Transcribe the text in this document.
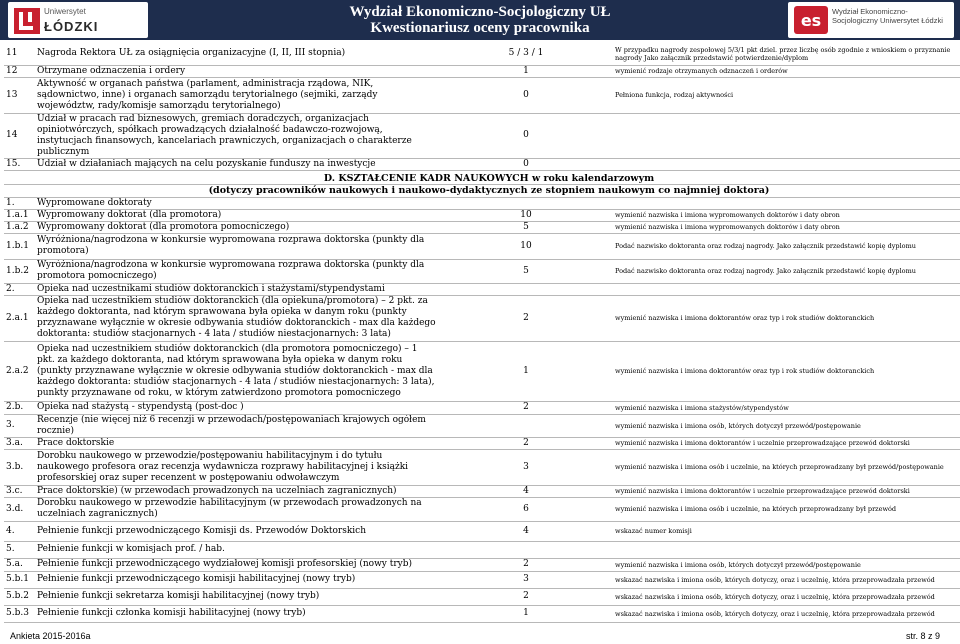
Uniwersytet
ŁÓDZKI
Wydział Ekonomiczno-Socjologiczny UŁ
Kwestionariusz oceny pracownika	es Wydział Ekonomiczno-Socjologiczny Uniwersytet Łódzki
11	Nagroda Rektora UŁ za osiągnięcia organizacyjne (I, II, III stopnia)	5 / 3 / 1	W przypadku nagrody zespołowej 5/3/1 pkt dziel. przez liczbę osób zgodnie z wnioskiem o przyznanie nagrody Jako załącznik przedstawić potwierdzenie/dyplom
12	Otrzymane odznaczenia i ordery	1	wymienić rodzaje otrzymanych odznaczeń i orderów
13	Aktywność w organach państwa (parlament, administracja rządowa, NIK, sądownictwo, inne) i organach samorządu terytorialnego (sejmiki, zarządy województw, rady/komisje samorządu terytorialnego)	0	Pełniona funkcja, rodzaj aktywności
14	Udział w pracach rad biznesowych, gremiach doradczych, organizacjach opiniotwórczych, spółkach prowadzących działalność badawczo-rozwojową, instytucjach finansowych, kancelariach prawniczych, organizacjach o charakterze publicznym	0	
15.	Udział w działaniach mających na celu pozyskanie funduszy na inwestycje	0	
D. KSZTAŁCENIE KADR NAUKOWYCH w roku kalendarzowym			
(dotyczy pracowników naukowych i naukowo-dydaktycznych ze stopniem naukowym co najmniej doktora)			
1.	Wypromowane doktoraty		
1.a.1	Wypromowany doktorat (dla promotora)	10	wymienić nazwiska i imiona wypromowanych doktorów i daty obron
1.a.2	Wypromowany doktorat (dla promotora pomocniczego)	5	wymienić nazwiska i imiona wypromowanych doktorów i daty obron
1.b.1	Wyróżniona/nagrodzona w konkursie wypromowana rozprawa doktorska (punkty dla promotora)	10	Podać nazwisko doktoranta oraz rodzaj nagrody. Jako załącznik przedstawić kopię dyplomu
1.b.2	Wyróżniona/nagrodzona w konkursie wypromowana rozprawa doktorska (punkty dla promotora pomocniczego)	5	Podać nazwisko doktoranta oraz rodzaj nagrody. Jako załącznik przedstawić kopię dyplomu
2.	Opieka nad uczestnikami studiów doktoranckich i stażystami/stypendystami		
2.a.1	Opieka nad uczestnikiem studiów doktoranckich (dla opiekuna/promotora) – 2 pkt. za każdego doktoranta, nad którym sprawowana była opieka w danym roku (punkty przyznawane wyłącznie w okresie odbywania studiów doktoranckich - max dla każdego doktoranta: studiów stacjonarnych - 4 lata / studiów niestacjonarnych: 3 lata)	2	wymienić nazwiska i imiona doktorantów oraz typ i rok studiów doktoranckich
2.a.2	Opieka nad uczestnikiem studiów doktoranckich (dla promotora pomocniczego) – 1 pkt. za każdego doktoranta, nad którym sprawowana była opieka w danym roku (punkty przyznawane wyłącznie w okresie odbywania studiów doktoranckich - max dla każdego doktoranta: studiów stacjonarnych - 4 lata / studiów niestacjonarnych: 3 lata), punkty przyznawane od roku, w którym zatwierdzono promotora pomocniczego	1	wymienić nazwiska i imiona doktorantów oraz typ i rok studiów doktoranckich
2.b.	Opieka nad stażystą - stypendystą (post-doc )	2	wymienić nazwiska i imiona stażystów/stypendystów
3.	Recenzje (nie więcej niż 6 recenzji w przewodach/postępowaniach krajowych ogółem rocznie)		wymienić nazwiska i imiona osób, których dotyczył przewód/postępowanie
3.a.	Prace doktorskie	2	wymienić nazwiska i imiona doktorantów i uczelnie przeprowadzające przewód doktorski
3.b.	Dorobku naukowego w przewodzie/postępowaniu habilitacyjnym i do tytułu naukowego profesora oraz recenzja wydawnicza rozprawy habilitacyjnej i książki profesorskiej oraz super recenzent w postępowaniu odwoławczym	3	wymienić nazwiska i imiona osób i uczelnie, na których przeprowadzany był przewód/postępowanie
3.c.	Prace doktorskie) (w przewodach prowadzonych na uczelniach zagranicznych)	4	wymienić nazwiska i imiona doktorantów i uczelnie przeprowadzające przewód doktorski
3.d.	Dorobku naukowego w przewodzie habilitacyjnym (w przewodach prowadzonych na uczelniach zagranicznych)	6	wymienić nazwiska i imiona osób i uczelnie, na których przeprowadzany był przewód
4.	Pełnienie funkcji przewodniczącego Komisji ds. Przewodów Doktorskich	4	wskazać numer komisji
5.	Pełnienie funkcji w komisjach prof. / hab.		
5.a.	Pełnienie funkcji przewodniczącego wydziałowej komisji profesorskiej (nowy tryb)	2	wymienić nazwiska i imiona osób, których dotyczył przewód/postępowanie
5.b.1	Pełnienie funkcji przewodniczącego komisji habilitacyjnej (nowy tryb)	3	wskazać nazwiska i imiona osób, których dotyczy, oraz i uczelnię, która przeprowadzała przewód
5.b.2	Pełnienie funkcji sekretarza komisji habilitacyjnej (nowy tryb)	2	wskazać nazwiska i imiona osób, których dotyczy, oraz i uczelnię, która przeprowadzała przewód
5.b.3	Pełnienie funkcji członka komisji habilitacyjnej (nowy tryb)	1	wskazać nazwiska i imiona osób, których dotyczy, oraz i uczelnię, która przeprowadzała przewód
Ankieta 2015-2016a	str. 8 z 9
